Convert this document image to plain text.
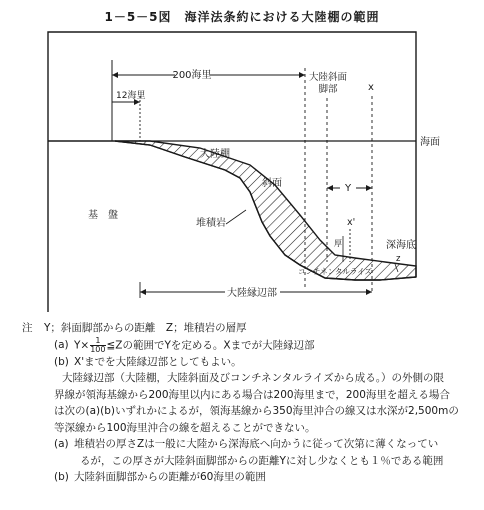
1－5－5図　海洋法条約における大陸棚の範囲
海面
200海里
12海里
大陸斜面
脚部	x
Y
x'
厚	深海底
z
コンチネンタルライズ
大陸棚
斜面
基　盤
堆積岩
大陸縁辺部
注 Y；斜面脚部からの距離　Z；堆積岩の層厚
(a) $Y\times \frac{1}{100}$ ≦Zの範囲でYを定める。Xまでが大陸縁辺部
(b) X'までを大陸縁辺部としてもよい。
大陸縁辺部（大陸棚，大陸斜面及びコンチネンタルライズから成る。）の外側の限
界線が領海基線から200海里以内にある場合は200海里まで，200海里を超える場合
は次の(a)(b)いずれかによるが，領海基線から350海里沖合の線又は水深が2,500mの
等深線から100海里沖合の線を超えることができない。
(a) 堆積岩の厚さZは一般に大陸から深海底へ向かうに従って次第に薄くなってい
るが，この厚さが大陸斜面脚部からの距離Yに対し少なくとも１％である範囲
(b) 大陸斜面脚部からの距離が60海里の範囲
